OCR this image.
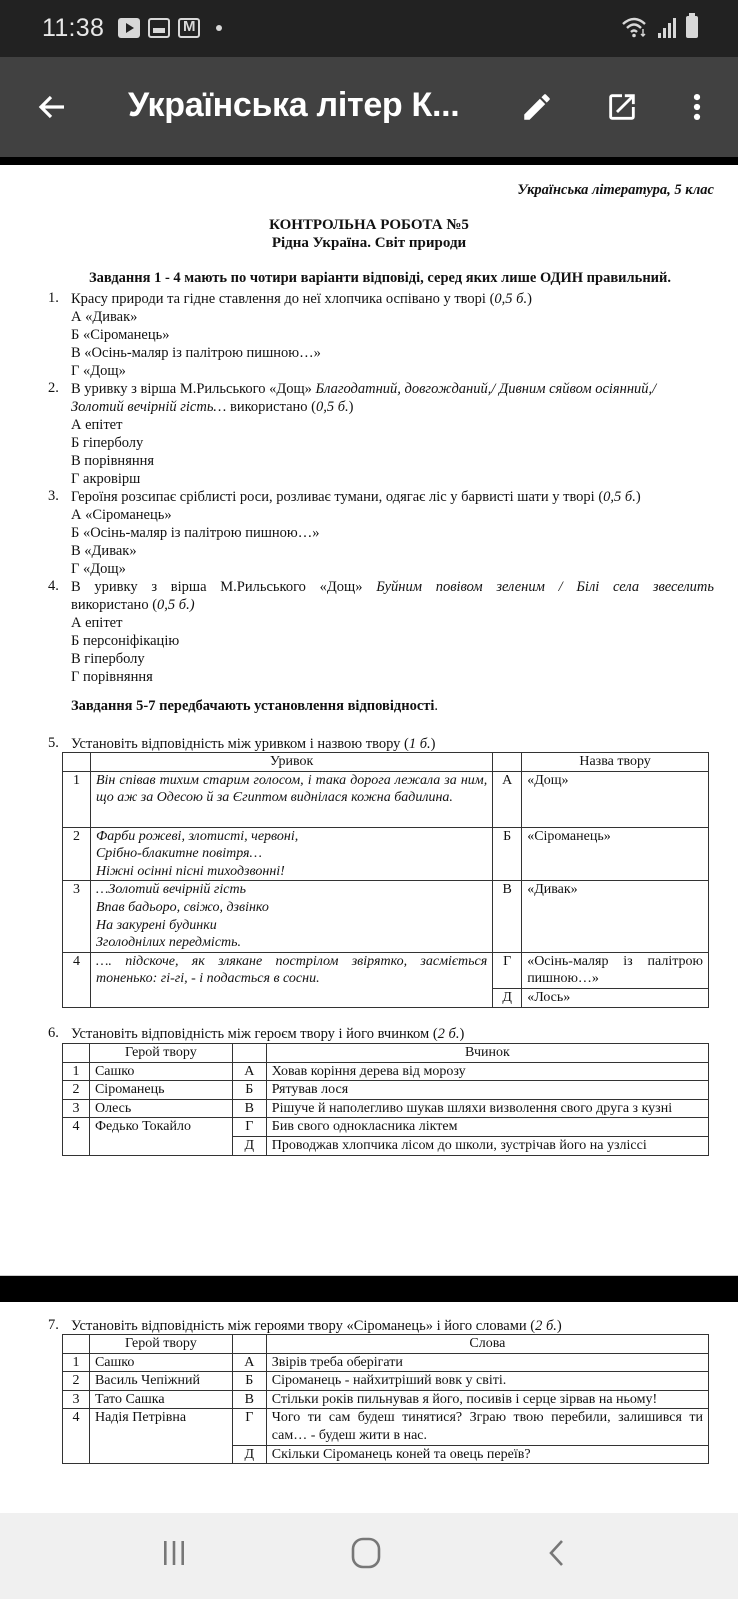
11:38
M
Українська літер К...
Українська література, 5 клас
КОНТРОЛЬНА РОБОТА №5
Рідна Україна. Світ природи
Завдання 1 - 4 мають по чотири варіанти відповіді, серед яких лише ОДИН правильний.
1. Красу природи та гідне ставлення до неї хлопчика оспівано у творі (0,5 б.)
А «Дивак»
Б «Сіроманець»
В «Осінь-маляр із палітрою пишною…»
Г «Дощ»
2. В уривку з вірша М.Рильського «Дощ» Благодатний, довгожданий,/ Дивним сяйвом осіянний,/
Золотий вечірній гість… використано (0,5 б.)
А епітет
Б гіперболу
В порівняння
Г акровірш
3. Героїня розсипає сріблисті роси, розливає тумани, одягає ліс у барвисті шати у творі (0,5 б.)
А «Сіроманець»
Б «Осінь-маляр із палітрою пишною…»
В «Дивак»
Г «Дощ»
4. В уривку з вірша М.Рильського «Дощ» Буйним повівом зеленим / Білі села звеселить
використано (0,5 б.)
А епітет
Б персоніфікацію
В гіперболу
Г порівняння
Завдання 5-7 передбачають установлення відповідності.
5. Установіть відповідність між уривком і назвою твору (1 б.)
	Уривок		Назва твору
1	Він співав тихим старим голосом, і така дорога лежала за ним, що аж за Одесою й за Єгиптом виднілася кожна бадилина.	А	«Дощ»
2	Фарби рожеві, злотисті, червоні,
Срібно-блакитне повітря…
Ніжні осінні пісні тиходзвонні!	Б	«Сіроманець»
3	…Золотий вечірній гість
Впав бадьоро, свіжо, дзвінко
На закурені будинки
Зголоднілих передмість.	В	«Дивак»
4	…. підскоче, як злякане пострілом звірятко, засміється тоненько: гі-гі, - і подасться в сосни.	Г	«Осінь-маляр із палітрою пишною…»
		Д	«Лось»
6. Установіть відповідність між героєм твору і його вчинком (2 б.)
	Герой твору		Вчинок
1	Сашко	А	Ховав коріння дерева від морозу
2	Сіроманець	Б	Рятував лося
3	Олесь	В	Рішуче й наполегливо шукав шляхи визволення свого друга з кузні
4	Федько Токайло	Г	Бив свого однокласника ліктем
		Д	Проводжав хлопчика лісом до школи, зустрічав його на узліссі
7. Установіть відповідність між героями твору «Сіроманець» і його словами (2 б.)
	Герой твору		Слова
1	Сашко	А	Звірів треба оберігати
2	Василь Чепіжний	Б	Сіроманець - найхитріший вовк у світі.
3	Тато Сашка	В	Стільки років пильнував я його, посивів і серце зірвав на ньому!
4	Надія Петрівна	Г	Чого ти сам будеш тинятися? Зграю твою перебили, залишився ти сам… - будеш жити в нас.
		Д	Скільки Сіроманець коней та овець переїв?
